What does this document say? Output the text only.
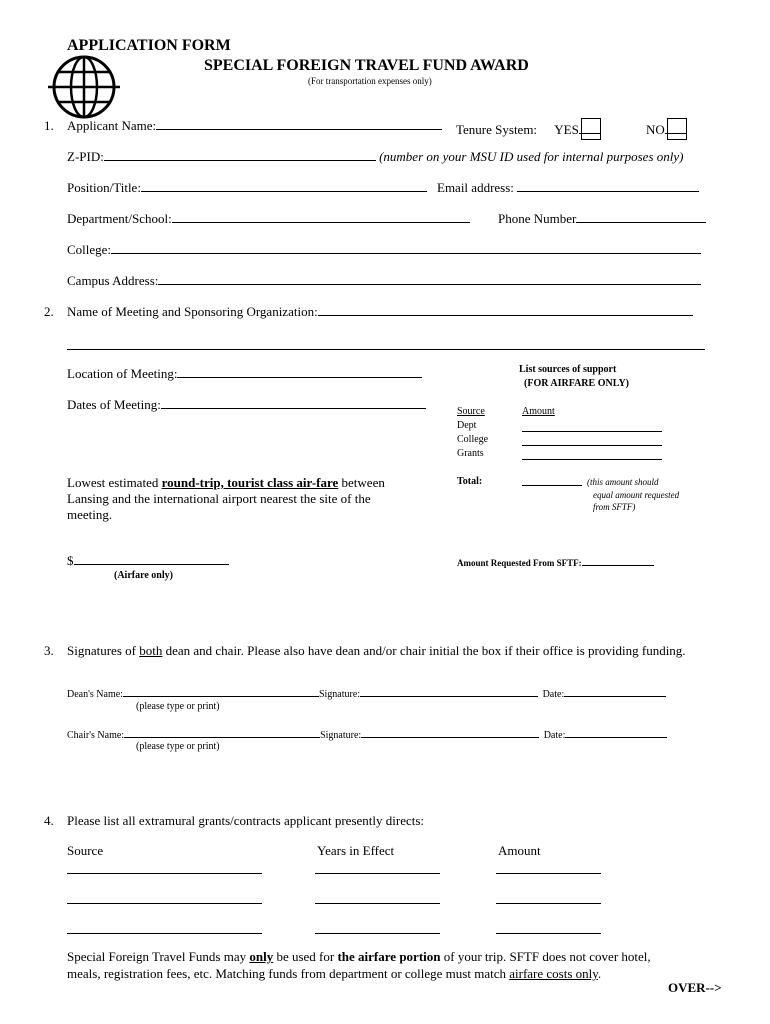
APPLICATION FORM
SPECIAL FOREIGN TRAVEL FUND AWARD
(For transportation expenses only)
1. Applicant Name:	Tenure System: YES	NO
Z-PID:	(number on your MSU ID used for internal purposes only)
Position/Title:	Email address:
Department/School:	Phone Number
College:
Campus Address:
2. Name of Meeting and Sponsoring Organization:
Location of Meeting:
Dates of Meeting:
List sources of support
(FOR AIRFARE ONLY)
Source	Amount
Dept
College
Grants
Total:	(this amount should
equal amount requested
from SFTF)
Lowest estimated round-trip, tourist class air-fare between
Lansing and the international airport nearest the site of the
meeting.
$
(Airfare only)
Amount Requested From SFTF:
3. Signatures of both dean and chair. Please also have dean and/or chair initial the box if their office is providing funding.
Dean's Name:	Signature:	Date:
(please type or print)
Chair's Name:	Signature:	Date:
(please type or print)
4. Please list all extramural grants/contracts applicant presently directs:
Source	Years in Effect	Amount

Special Foreign Travel Funds may only be used for the airfare portion of your trip. SFTF does not cover hotel,
meals, registration fees, etc. Matching funds from department or college must match airfare costs only.
OVER-->
